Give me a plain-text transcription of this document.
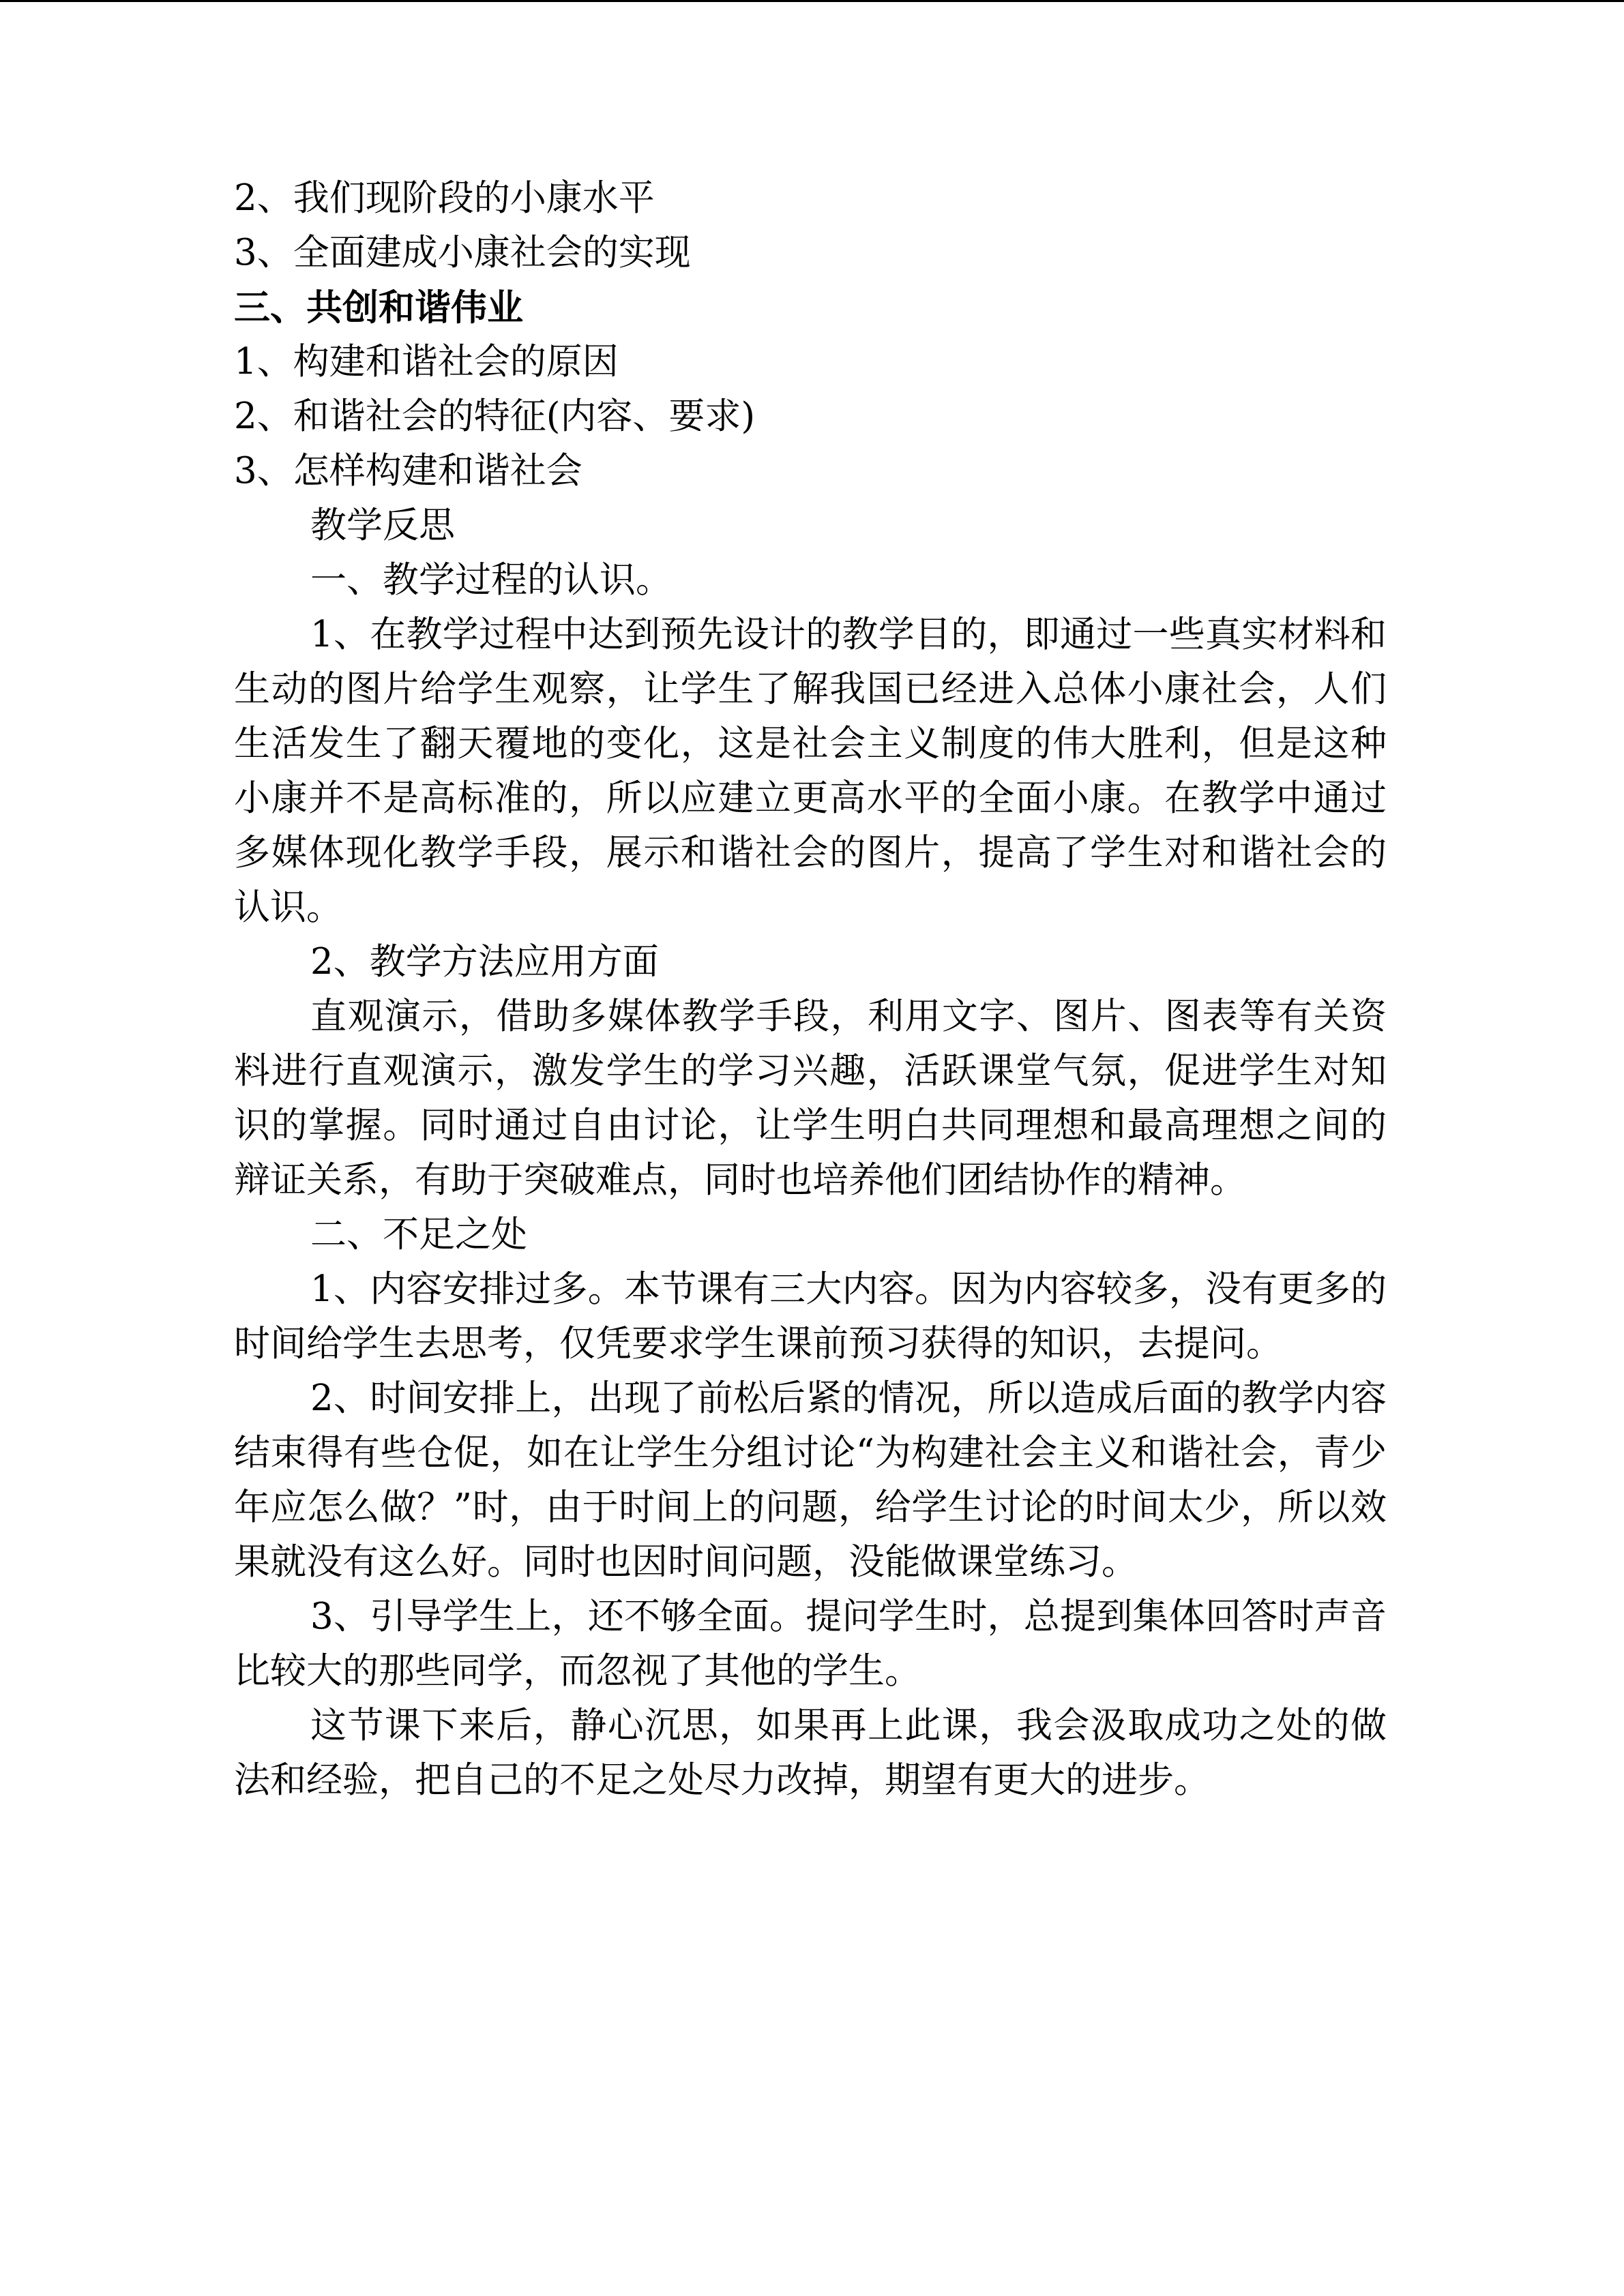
2、我们现阶段的小康水平

3、全面建成小康社会的实现

三、共创和谐伟业

1、构建和谐社会的原因

2、和谐社会的特征(内容、要求)

3、怎样构建和谐社会

教学反思

一、教学过程的认识。

1、在教学过程中达到预先设计的教学目的，即通过一些真实材料和生动的图片给学生观察，让学生了解我国已经进入总体小康社会，人们生活发生了翻天覆地的变化，这是社会主义制度的伟大胜利，但是这种小康并不是高标准的，所以应建立更高水平的全面小康。在教学中通过多媒体现化教学手段，展示和谐社会的图片，提高了学生对和谐社会的认识。

2、教学方法应用方面

直观演示，借助多媒体教学手段，利用文字、图片、图表等有关资料进行直观演示，激发学生的学习兴趣，活跃课堂气氛，促进学生对知识的掌握。同时通过自由讨论，让学生明白共同理想和最高理想之间的辩证关系，有助于突破难点，同时也培养他们团结协作的精神。

二、不足之处

1、内容安排过多。本节课有三大内容。因为内容较多，没有更多的时间给学生去思考，仅凭要求学生课前预习获得的知识，去提问。

2、时间安排上，出现了前松后紧的情况，所以造成后面的教学内容结束得有些仓促，如在让学生分组讨论“为构建社会主义和谐社会，青少年应怎么做？”时，由于时间上的问题，给学生讨论的时间太少，所以效果就没有这么好。同时也因时间问题，没能做课堂练习。

3、引导学生上，还不够全面。提问学生时，总提到集体回答时声音比较大的那些同学，而忽视了其他的学生。

这节课下来后，静心沉思，如果再上此课，我会汲取成功之处的做法和经验，把自己的不足之处尽力改掉，期望有更大的进步。
